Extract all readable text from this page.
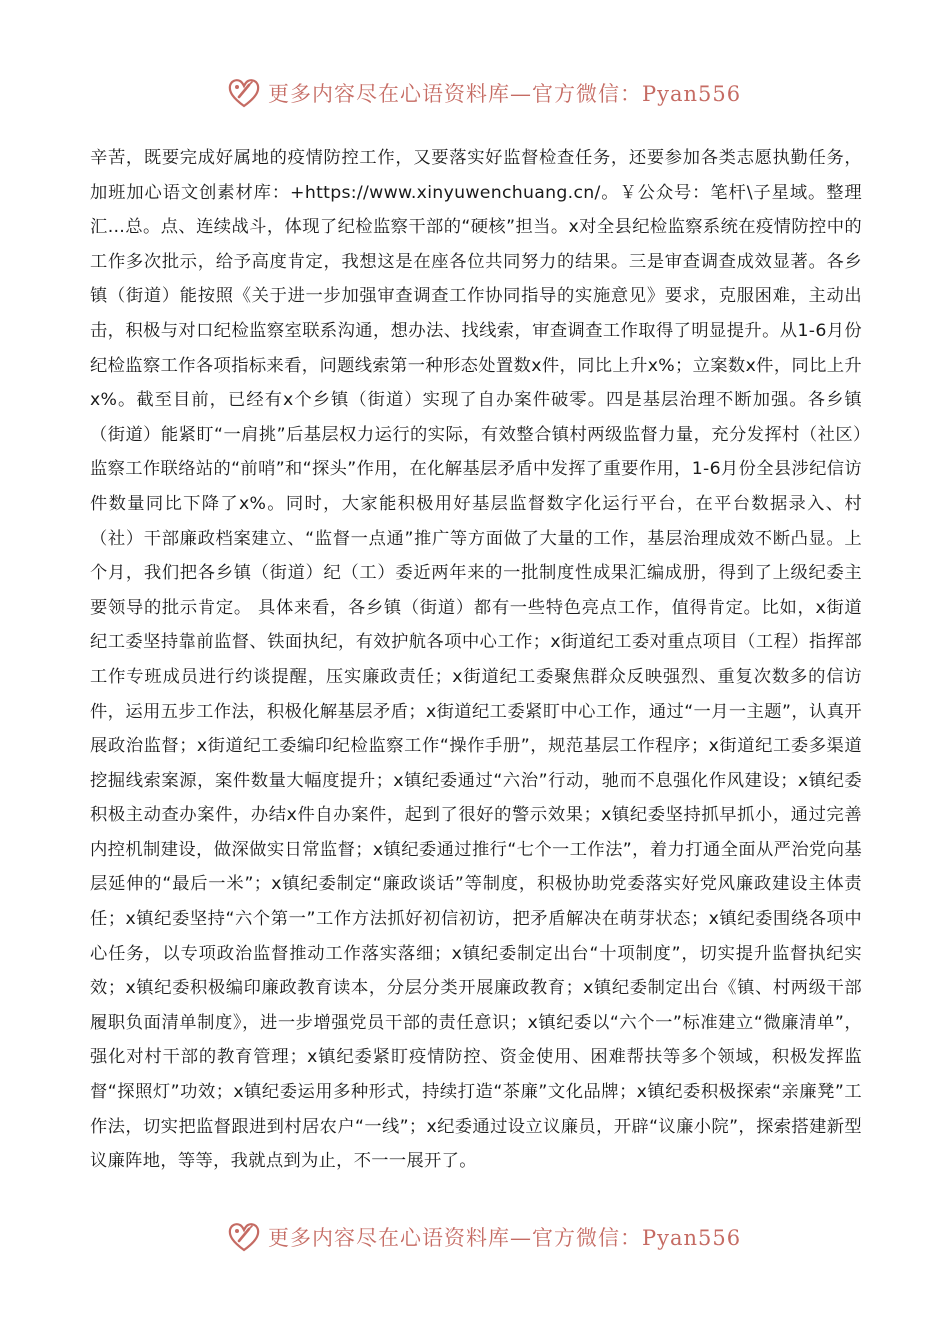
更多内容尽在心语资料库—官方微信：Pyan556

辛苦，既要完成好属地的疫情防控工作，又要落实好监督检查任务，还要参加各类志愿执勤任务，加班加心语文创素材库：+https://www.xinyuwenchuang.cn/。￥公众号：笔杆\子星域。整理汇…总。点、连续战斗，体现了纪检监察干部的“硬核”担当。x对全县纪检监察系统在疫情防控中的工作多次批示，给予高度肯定，我想这是在座各位共同努力的结果。三是审查调查成效显著。各乡镇（街道）能按照《关于进一步加强审查调查工作协同指导的实施意见》要求，克服困难，主动出击，积极与对口纪检监察室联系沟通，想办法、找线索，审查调查工作取得了明显提升。从1-6月份纪检监察工作各项指标来看，问题线索第一种形态处置数x件，同比上升x%；立案数x件，同比上升x%。截至目前，已经有x个乡镇（街道）实现了自办案件破零。四是基层治理不断加强。各乡镇（街道）能紧盯“一肩挑”后基层权力运行的实际，有效整合镇村两级监督力量，充分发挥村（社区）监察工作联络站的“前哨”和“探头”作用，在化解基层矛盾中发挥了重要作用，1-6月份全县涉纪信访件数量同比下降了x%。同时，大家能积极用好基层监督数字化运行平台，在平台数据录入、村（社）干部廉政档案建立、“监督一点通”推广等方面做了大量的工作，基层治理成效不断凸显。上个月，我们把各乡镇（街道）纪（工）委近两年来的一批制度性成果汇编成册，得到了上级纪委主要领导的批示肯定。 具体来看，各乡镇（街道）都有一些特色亮点工作，值得肯定。比如，x街道纪工委坚持靠前监督、铁面执纪，有效护航各项中心工作；x街道纪工委对重点项目（工程）指挥部工作专班成员进行约谈提醒，压实廉政责任；x街道纪工委聚焦群众反映强烈、重复次数多的信访件，运用五步工作法，积极化解基层矛盾；x街道纪工委紧盯中心工作，通过“一月一主题”，认真开展政治监督；x街道纪工委编印纪检监察工作“操作手册”，规范基层工作程序；x街道纪工委多渠道挖掘线索案源，案件数量大幅度提升；x镇纪委通过“六治”行动，驰而不息强化作风建设；x镇纪委积极主动查办案件，办结x件自办案件，起到了很好的警示效果；x镇纪委坚持抓早抓小，通过完善内控机制建设，做深做实日常监督；x镇纪委通过推行“七个一工作法”，着力打通全面从严治党向基层延伸的“最后一米”；x镇纪委制定“廉政谈话”等制度，积极协助党委落实好党风廉政建设主体责任；x镇纪委坚持“六个第一”工作方法抓好初信初访，把矛盾解决在萌芽状态；x镇纪委围绕各项中心任务，以专项政治监督推动工作落实落细；x镇纪委制定出台“十项制度”，切实提升监督执纪实效；x镇纪委积极编印廉政教育读本，分层分类开展廉政教育；x镇纪委制定出台《镇、村两级干部履职负面清单制度》，进一步增强党员干部的责任意识；x镇纪委以“六个一”标准建立“微廉清单”，强化对村干部的教育管理；x镇纪委紧盯疫情防控、资金使用、困难帮扶等多个领域，积极发挥监督“探照灯”功效；x镇纪委运用多种形式，持续打造“茶廉”文化品牌；x镇纪委积极探索“亲廉凳”工作法，切实把监督跟进到村居农户“一线”；x纪委通过设立议廉员，开辟“议廉小院”，探索搭建新型议廉阵地，等等，我就点到为止，不一一展开了。

更多内容尽在心语资料库—官方微信：Pyan556
